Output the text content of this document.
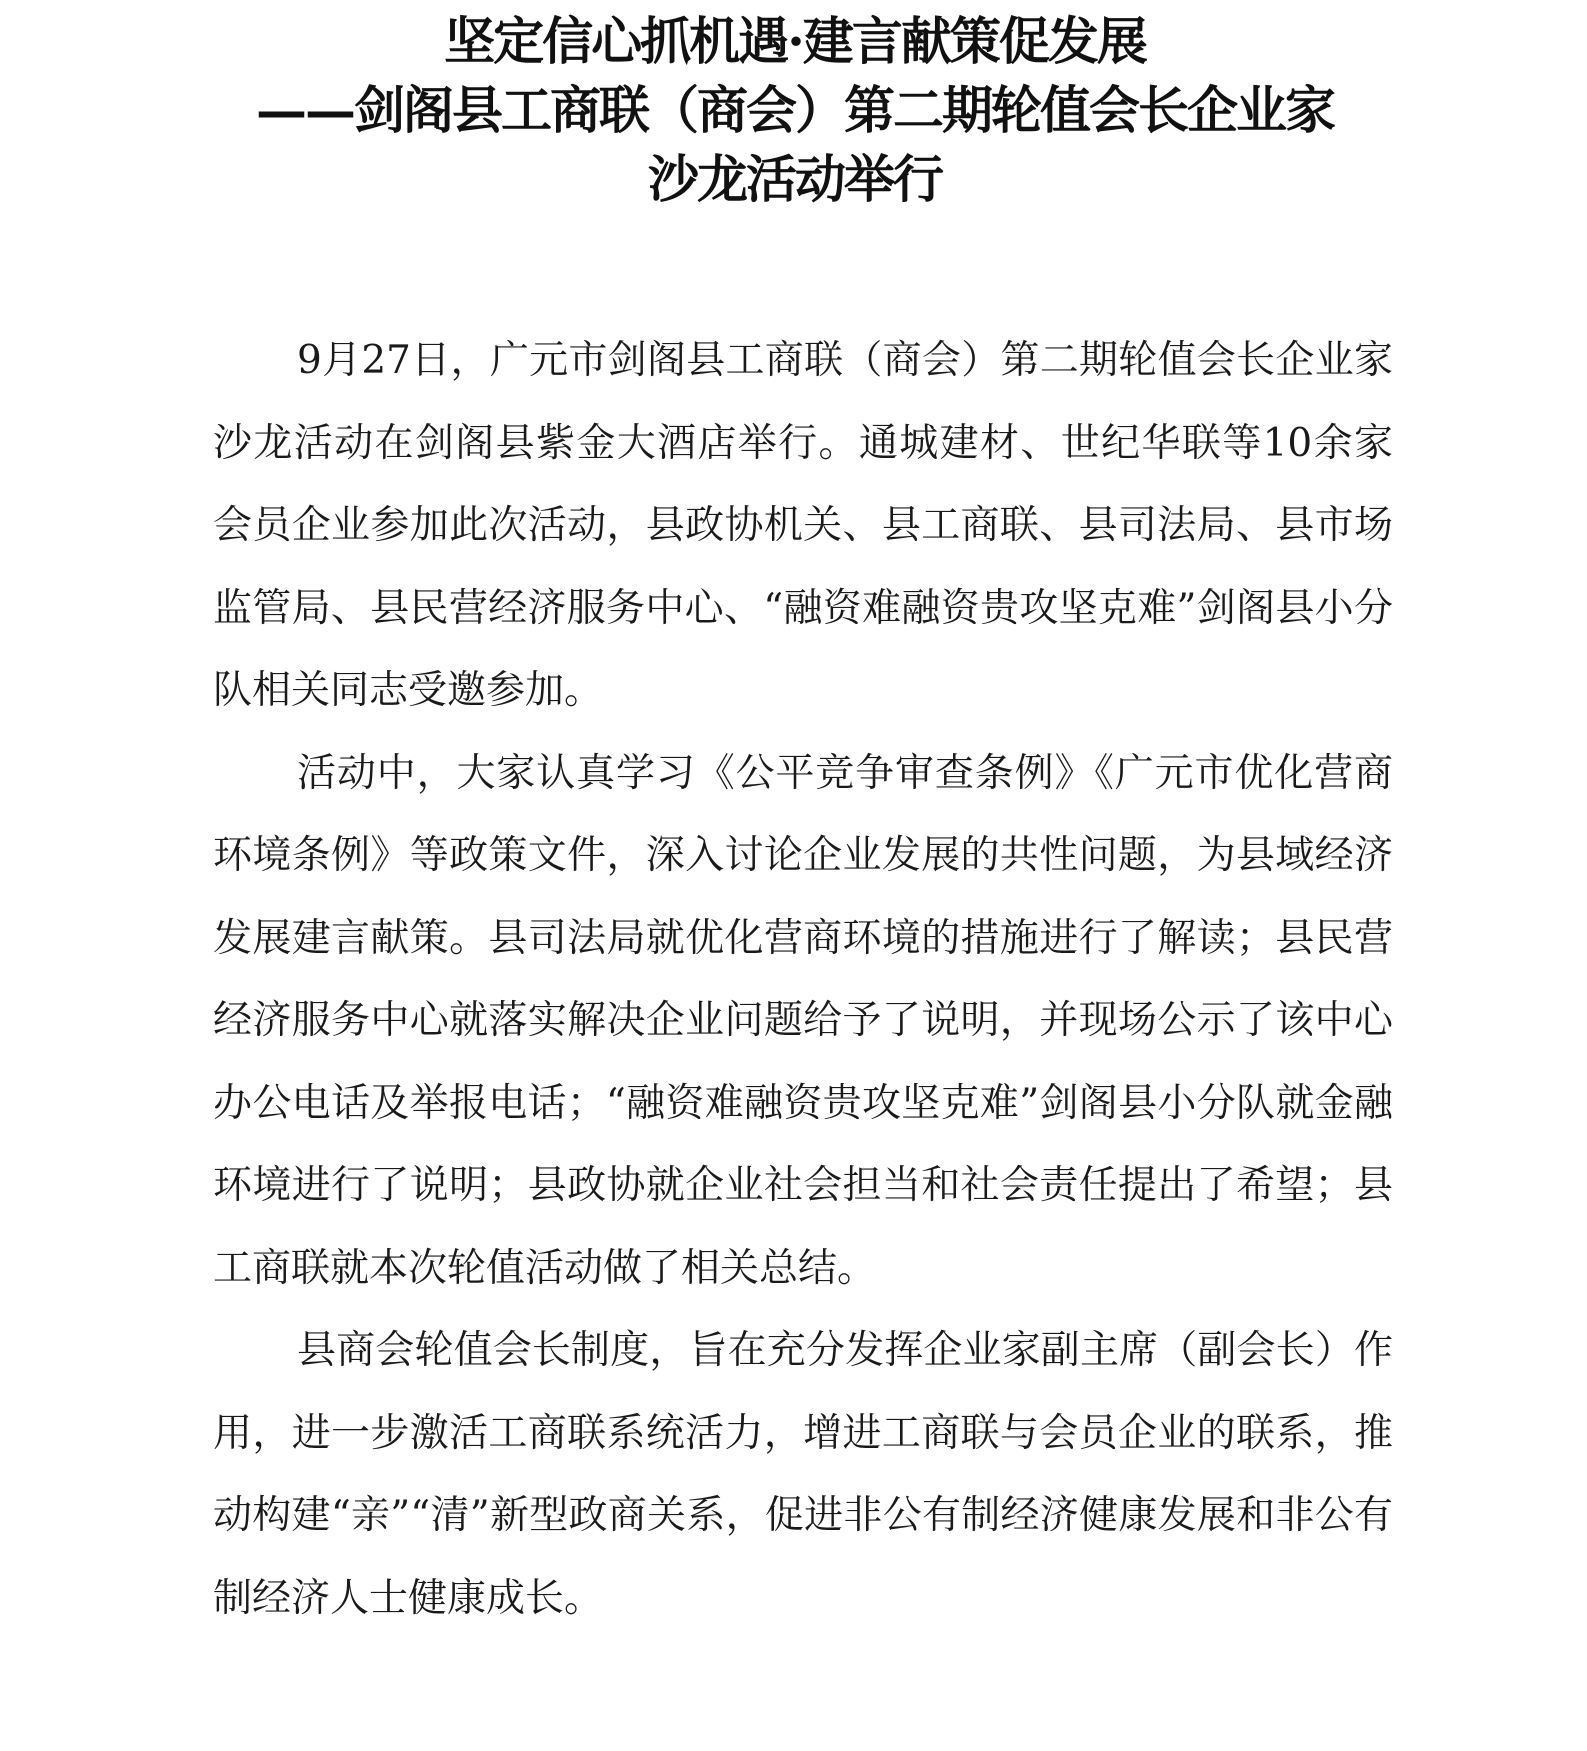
坚定信心抓机遇·建言献策促发展
——剑阁县工商联（商会）第二期轮值会长企业家
沙龙活动举行

9月27日，广元市剑阁县工商联（商会）第二期轮值会长企业家沙龙活动在剑阁县紫金大酒店举行。通城建材、世纪华联等10余家会员企业参加此次活动，县政协机关、县工商联、县司法局、县市场监管局、县民营经济服务中心、“融资难融资贵攻坚克难”剑阁县小分队相关同志受邀参加。

活动中，大家认真学习《公平竞争审查条例》《广元市优化营商环境条例》等政策文件，深入讨论企业发展的共性问题，为县域经济发展建言献策。县司法局就优化营商环境的措施进行了解读；县民营经济服务中心就落实解决企业问题给予了说明，并现场公示了该中心办公电话及举报电话；“融资难融资贵攻坚克难”剑阁县小分队就金融环境进行了说明；县政协就企业社会担当和社会责任提出了希望；县工商联就本次轮值活动做了相关总结。

县商会轮值会长制度，旨在充分发挥企业家副主席（副会长）作用，进一步激活工商联系统活力，增进工商联与会员企业的联系，推动构建“亲”“清”新型政商关系，促进非公有制经济健康发展和非公有制经济人士健康成长。
